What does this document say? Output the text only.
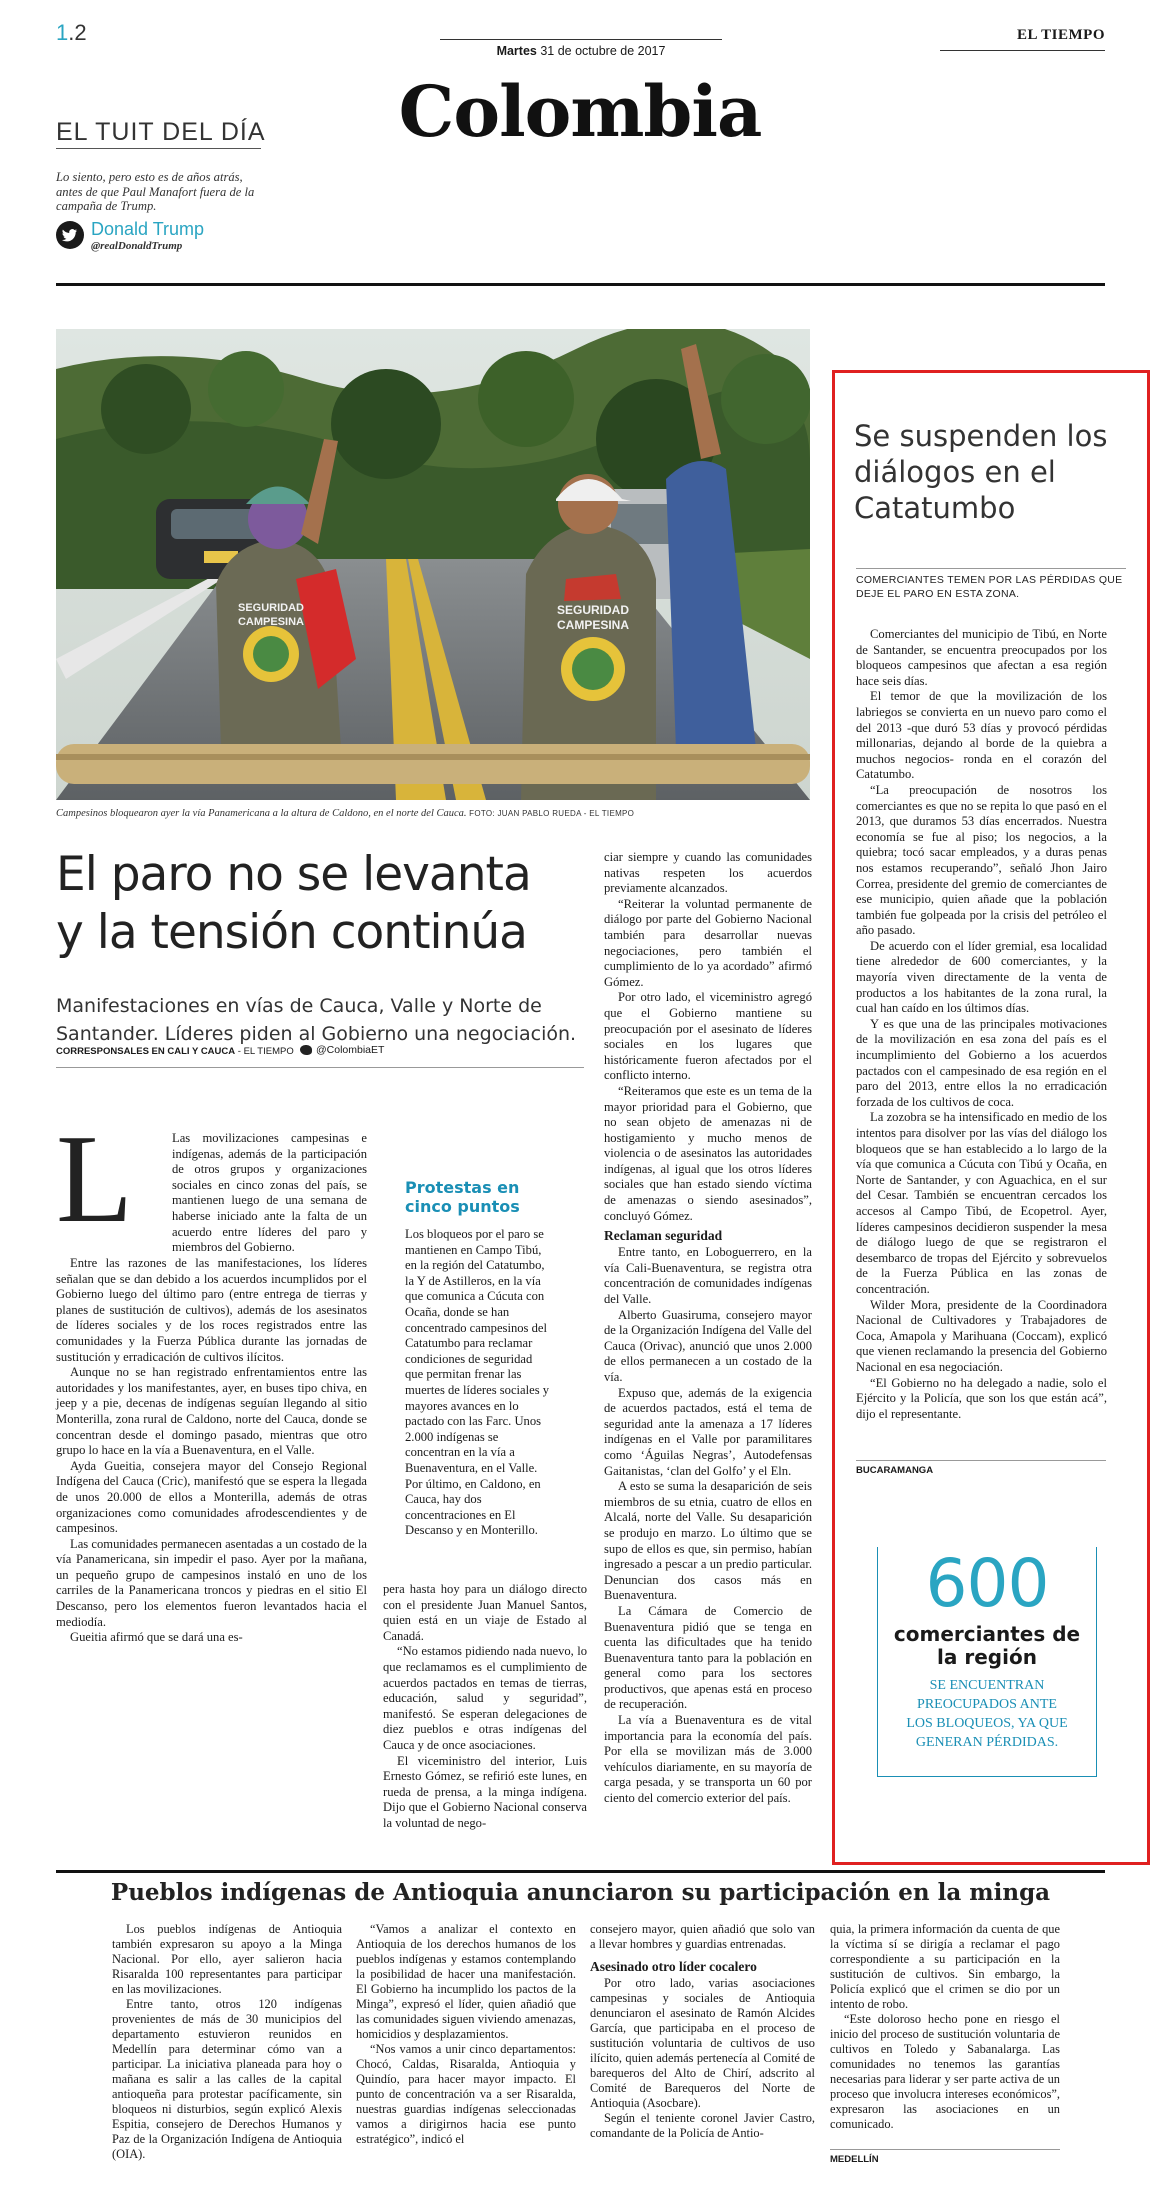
1.2
Martes 31 de octubre de 2017
EL TIEMPO
Colombia
EL TUIT DEL DÍA
Lo siento, pero esto es de años atrás, antes de que Paul Manafort fuera de la campaña de Trump.
Donald Trump
@realDonaldTrump
SEGURIDAD
CAMPESINA
SEGURIDAD
CAMPESINA
Campesinos bloquearon ayer la vía Panamericana a la altura de Caldono, en el norte del Cauca. FOTO: JUAN PABLO RUEDA - EL TIEMPO
El paro no se levanta
y la tensión continúa
Manifestaciones en vías de Cauca, Valle y Norte de Santander. Líderes piden al Gobierno una negociación.
CORRESPONSALES EN CALI Y CAUCA - EL TIEMPO	@ColombiaET
L	Las movilizaciones campesinas e indígenas, además de la participación de otros grupos y organizaciones sociales en cinco zonas del país, se mantienen luego de una semana de haberse iniciado ante la falta de un acuerdo entre líderes del paro y miembros del Gobierno.

Entre las razones de las manifestaciones, los líderes señalan que se dan debido a los acuerdos incumplidos por el Gobierno luego del último paro (entre entrega de tierras y planes de sustitución de cultivos), además de los asesinatos de líderes sociales y de los roces registrados entre las comunidades y la Fuerza Pública durante las jornadas de sustitución y erradicación de cultivos ilícitos.

Aunque no se han registrado enfrentamientos entre las autoridades y los manifestantes, ayer, en buses tipo chiva, en jeep y a pie, decenas de indígenas seguían llegando al sitio Monterilla, zona rural de Caldono, norte del Cauca, donde se concentran desde el domingo pasado, mientras que otro grupo lo hace en la vía a Buenaventura, en el Valle.

Ayda Gueitia, consejera mayor del Consejo Regional Indígena del Cauca (Cric), manifestó que se espera la llegada de unos 20.000 de ellos a Monterilla, además de otras organizaciones como comunidades afrodescendientes y de campesinos.

Las comunidades permanecen asentadas a un costado de la vía Panamericana, sin impedir el paso. Ayer por la mañana, un pequeño grupo de campesinos instaló en uno de los carriles de la Panamericana troncos y piedras en el sitio El Descanso, pero los elementos fueron levantados hacia el mediodía.

Gueitia afirmó que se dará una es-

Protestas en cinco puntos

Los bloqueos por el paro se mantienen en Campo Tibú, en la región del Catatumbo, la Y de Astilleros, en la vía que comunica a Cúcuta con Ocaña, donde se han concentrado campesinos del Catatumbo para reclamar condiciones de seguridad que permitan frenar las muertes de líderes sociales y mayores avances en lo pactado con las Farc. Unos 2.000 indígenas se concentran en la vía a Buenaventura, en el Valle. Por último, en Caldono, en Cauca, hay dos concentraciones en El Descanso y en Monterillo.

pera hasta hoy para un diálogo directo con el presidente Juan Manuel Santos, quien está en un viaje de Estado al Canadá.

“No estamos pidiendo nada nuevo, lo que reclamamos es el cumplimiento de acuerdos pactados en temas de tierras, educación, salud y seguridad”, manifestó. Se esperan delegaciones de diez pueblos e otras indígenas del Cauca y de once asociaciones.

El viceministro del interior, Luis Ernesto Gómez, se refirió este lunes, en rueda de prensa, a la minga indígena. Dijo que el Gobierno Nacional conserva la voluntad de nego-

ciar siempre y cuando las comunidades nativas respeten los acuerdos previamente alcanzados.

“Reiterar la voluntad permanente de diálogo por parte del Gobierno Nacional también para desarrollar nuevas negociaciones, pero también el cumplimiento de lo ya acordado” afirmó Gómez.

Por otro lado, el viceministro agregó que el Gobierno mantiene su preocupación por el asesinato de líderes sociales en los lugares que históricamente fueron afectados por el conflicto interno.

“Reiteramos que este es un tema de la mayor prioridad para el Gobierno, que no sean objeto de amenazas ni de hostigamiento y mucho menos de violencia o de asesinatos las autoridades indígenas, al igual que los otros líderes sociales que han estado siendo víctima de amenazas o siendo asesinados”, concluyó Gómez.

Reclaman seguridad

Entre tanto, en Loboguerrero, en la vía Cali-Buenaventura, se registra otra concentración de comunidades indígenas del Valle.

Alberto Guasiruma, consejero mayor de la Organización Indígena del Valle del Cauca (Orivac), anunció que unos 2.000 de ellos permanecen a un costado de la vía.

Expuso que, además de la exigencia de acuerdos pactados, está el tema de seguridad ante la amenaza a 17 líderes indígenas en el Valle por paramilitares como ‘Águilas Negras’, Autodefensas Gaitanistas, ‘clan del Golfo’ y el Eln.

A esto se suma la desaparición de seis miembros de su etnia, cuatro de ellos en Alcalá, norte del Valle. Su desaparición se produjo en marzo. Lo último que se supo de ellos es que, sin permiso, habían ingresado a pescar a un predio particular. Denuncian dos casos más en Buenaventura.

La Cámara de Comercio de Buenaventura pidió que se tenga en cuenta las dificultades que ha tenido Buenaventura tanto para la población en general como para los sectores productivos, que apenas está en proceso de recuperación.

La vía a Buenaventura es de vital importancia para la economía del país. Por ella se movilizan más de 3.000 vehículos diariamente, en su mayoría de carga pesada, y se transporta un 60 por ciento del comercio exterior del país.

Se suspenden los diálogos en el Catatumbo
COMERCIANTES TEMEN POR LAS PÉRDIDAS QUE DEJE EL PARO EN ESTA ZONA.

Comerciantes del municipio de Tibú, en Norte de Santander, se encuentra preocupados por los bloqueos campesinos que afectan a esa región hace seis días.

El temor de que la movilización de los labriegos se convierta en un nuevo paro como el del 2013 -que duró 53 días y provocó pérdidas millonarias, dejando al borde de la quiebra a muchos negocios- ronda en el corazón del Catatumbo.

“La preocupación de nosotros los comerciantes es que no se repita lo que pasó en el 2013, que duramos 53 días encerrados. Nuestra economía se fue al piso; los negocios, a la quiebra; tocó sacar empleados, y a duras penas nos estamos recuperando”, señaló Jhon Jairo Correa, presidente del gremio de comerciantes de ese municipio, quien añade que la población también fue golpeada por la crisis del petróleo el año pasado.

De acuerdo con el líder gremial, esa localidad tiene alrededor de 600 comerciantes, y la mayoría viven directamente de la venta de productos a los habitantes de la zona rural, la cual han caído en los últimos días.

Y es que una de las principales motivaciones de la movilización en esa zona del país es el incumplimiento del Gobierno a los acuerdos pactados con el campesinado de esa región en el paro del 2013, entre ellos la no erradicación forzada de los cultivos de coca.

La zozobra se ha intensificado en medio de los intentos para disolver por las vías del diálogo los bloqueos que se han establecido a lo largo de la vía que comunica a Cúcuta con Tibú y Ocaña, en Norte de Santander, y con Aguachica, en el sur del Cesar. También se encuentran cercados los accesos al Campo Tibú, de Ecopetrol. Ayer, líderes campesinos decidieron suspender la mesa de diálogo luego de que se registraron el desembarco de tropas del Ejército y sobrevuelos de la Fuerza Pública en las zonas de concentración.

Wilder Mora, presidente de la Coordinadora Nacional de Cultivadores y Trabajadores de Coca, Amapola y Marihuana (Coccam), explicó que vienen reclamando la presencia del Gobierno Nacional en esa negociación.

“El Gobierno no ha delegado a nadie, solo el Ejército y la Policía, que son los que están acá”, dijo el representante.

BUCARAMANGA
600
comerciantes de la región
SE ENCUENTRAN PREOCUPADOS ANTE LOS BLOQUEOS, YA QUE GENERAN PÉRDIDAS.
Pueblos indígenas de Antioquia anunciaron su participación en la minga

Los pueblos indígenas de Antioquia también expresaron su apoyo a la Minga Nacional. Por ello, ayer salieron hacia Risaralda 100 representantes para participar en las movilizaciones.

Entre tanto, otros 120 indígenas provenientes de más de 30 municipios del departamento estuvieron reunidos en Medellín para determinar cómo van a participar. La iniciativa planeada para hoy o mañana es salir a las calles de la capital antioqueña para protestar pacíficamente, sin bloqueos ni disturbios, según explicó Alexis Espitia, consejero de Derechos Humanos y Paz de la Organización Indígena de Antioquia (OIA).

“Vamos a analizar el contexto en Antioquia de los derechos humanos de los pueblos indígenas y estamos contemplando la posibilidad de hacer una manifestación. El Gobierno ha incumplido los pactos de la Minga”, expresó el líder, quien añadió que las comunidades siguen viviendo amenazas, homicidios y desplazamientos.

“Nos vamos a unir cinco departamentos: Chocó, Caldas, Risaralda, Antioquia y Quindío, para hacer mayor impacto. El punto de concentración va a ser Risaralda, nuestras guardias indígenas seleccionadas vamos a dirigirnos hacia ese punto estratégico”, indicó el

consejero mayor, quien añadió que solo van a llevar hombres y guardias entrenadas.

Asesinado otro líder cocalero

Por otro lado, varias asociaciones campesinas y sociales de Antioquia denunciaron el asesinato de Ramón Alcides García, que participaba en el proceso de sustitución voluntaria de cultivos de uso ilícito, quien además pertenecía al Comité de barequeros del Alto de Chirí, adscrito al Comité de Barequeros del Norte de Antioquia (Asocbare).

Según el teniente coronel Javier Castro, comandante de la Policía de Antio-

quia, la primera información da cuenta de que la víctima sí se dirigía a reclamar el pago correspondiente a su participación en la sustitución de cultivos. Sin embargo, la Policía explicó que el crimen se dio por un intento de robo.

“Este doloroso hecho pone en riesgo el inicio del proceso de sustitución voluntaria de cultivos en Toledo y Sabanalarga. Las comunidades no tenemos las garantías necesarias para liderar y ser parte activa de un proceso que involucra intereses económicos”, expresaron las asociaciones en un comunicado.

MEDELLÍN
